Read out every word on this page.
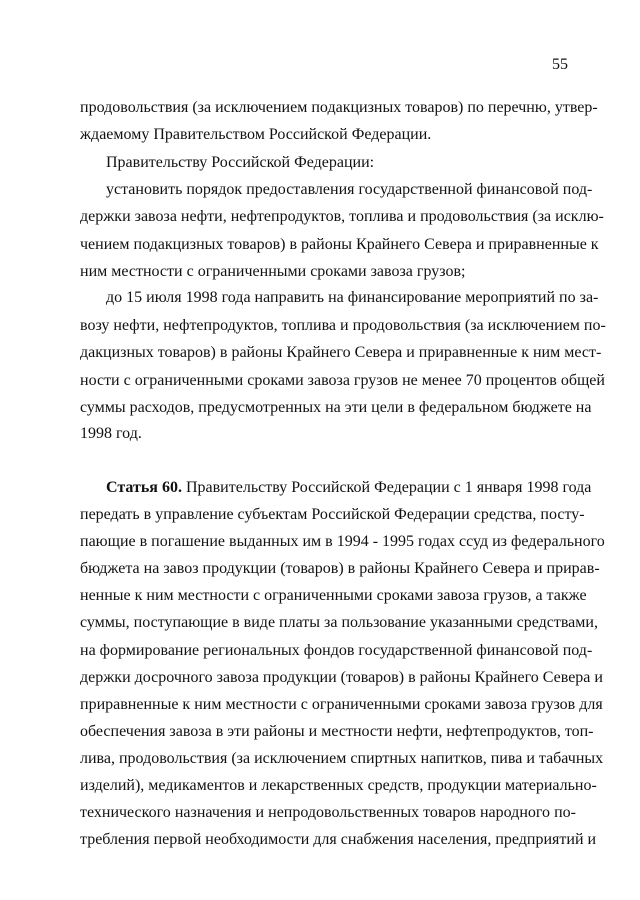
55
продовольствия (за исключением подакцизных товаров) по перечню, утвер-
ждаемому Правительством Российской Федерации.
Правительству Российской Федерации:
установить порядок предоставления государственной финансовой под-
держки завоза нефти, нефтепродуктов, топлива и продовольствия (за исклю-
чением подакцизных товаров) в районы Крайнего Севера и приравненные к
ним местности с ограниченными сроками завоза грузов;
до 15 июля 1998 года направить на финансирование мероприятий по за-
возу нефти, нефтепродуктов, топлива и продовольствия (за исключением по-
дакцизных товаров) в районы Крайнего Севера и приравненные к ним мест-
ности с ограниченными сроками завоза грузов не менее 70 процентов общей
суммы расходов, предусмотренных на эти цели в федеральном бюджете на
1998 год.
Статья 60. Правительству Российской Федерации с 1 января 1998 года
передать в управление субъектам Российской Федерации средства, посту-
пающие в погашение выданных им в 1994 - 1995 годах ссуд из федерального
бюджета на завоз продукции (товаров) в районы Крайнего Севера и прирав-
ненные к ним местности с ограниченными сроками завоза грузов, а также
суммы, поступающие в виде платы за пользование указанными средствами,
на формирование региональных фондов государственной финансовой под-
держки досрочного завоза продукции (товаров) в районы Крайнего Севера и
приравненные к ним местности с ограниченными сроками завоза грузов для
обеспечения завоза в эти районы и местности нефти, нефтепродуктов, топ-
лива, продовольствия (за исключением спиртных напитков, пива и табачных
изделий), медикаментов и лекарственных средств, продукции материально-
технического назначения и непродовольственных товаров народного по-
требления первой необходимости для снабжения населения, предприятий и
